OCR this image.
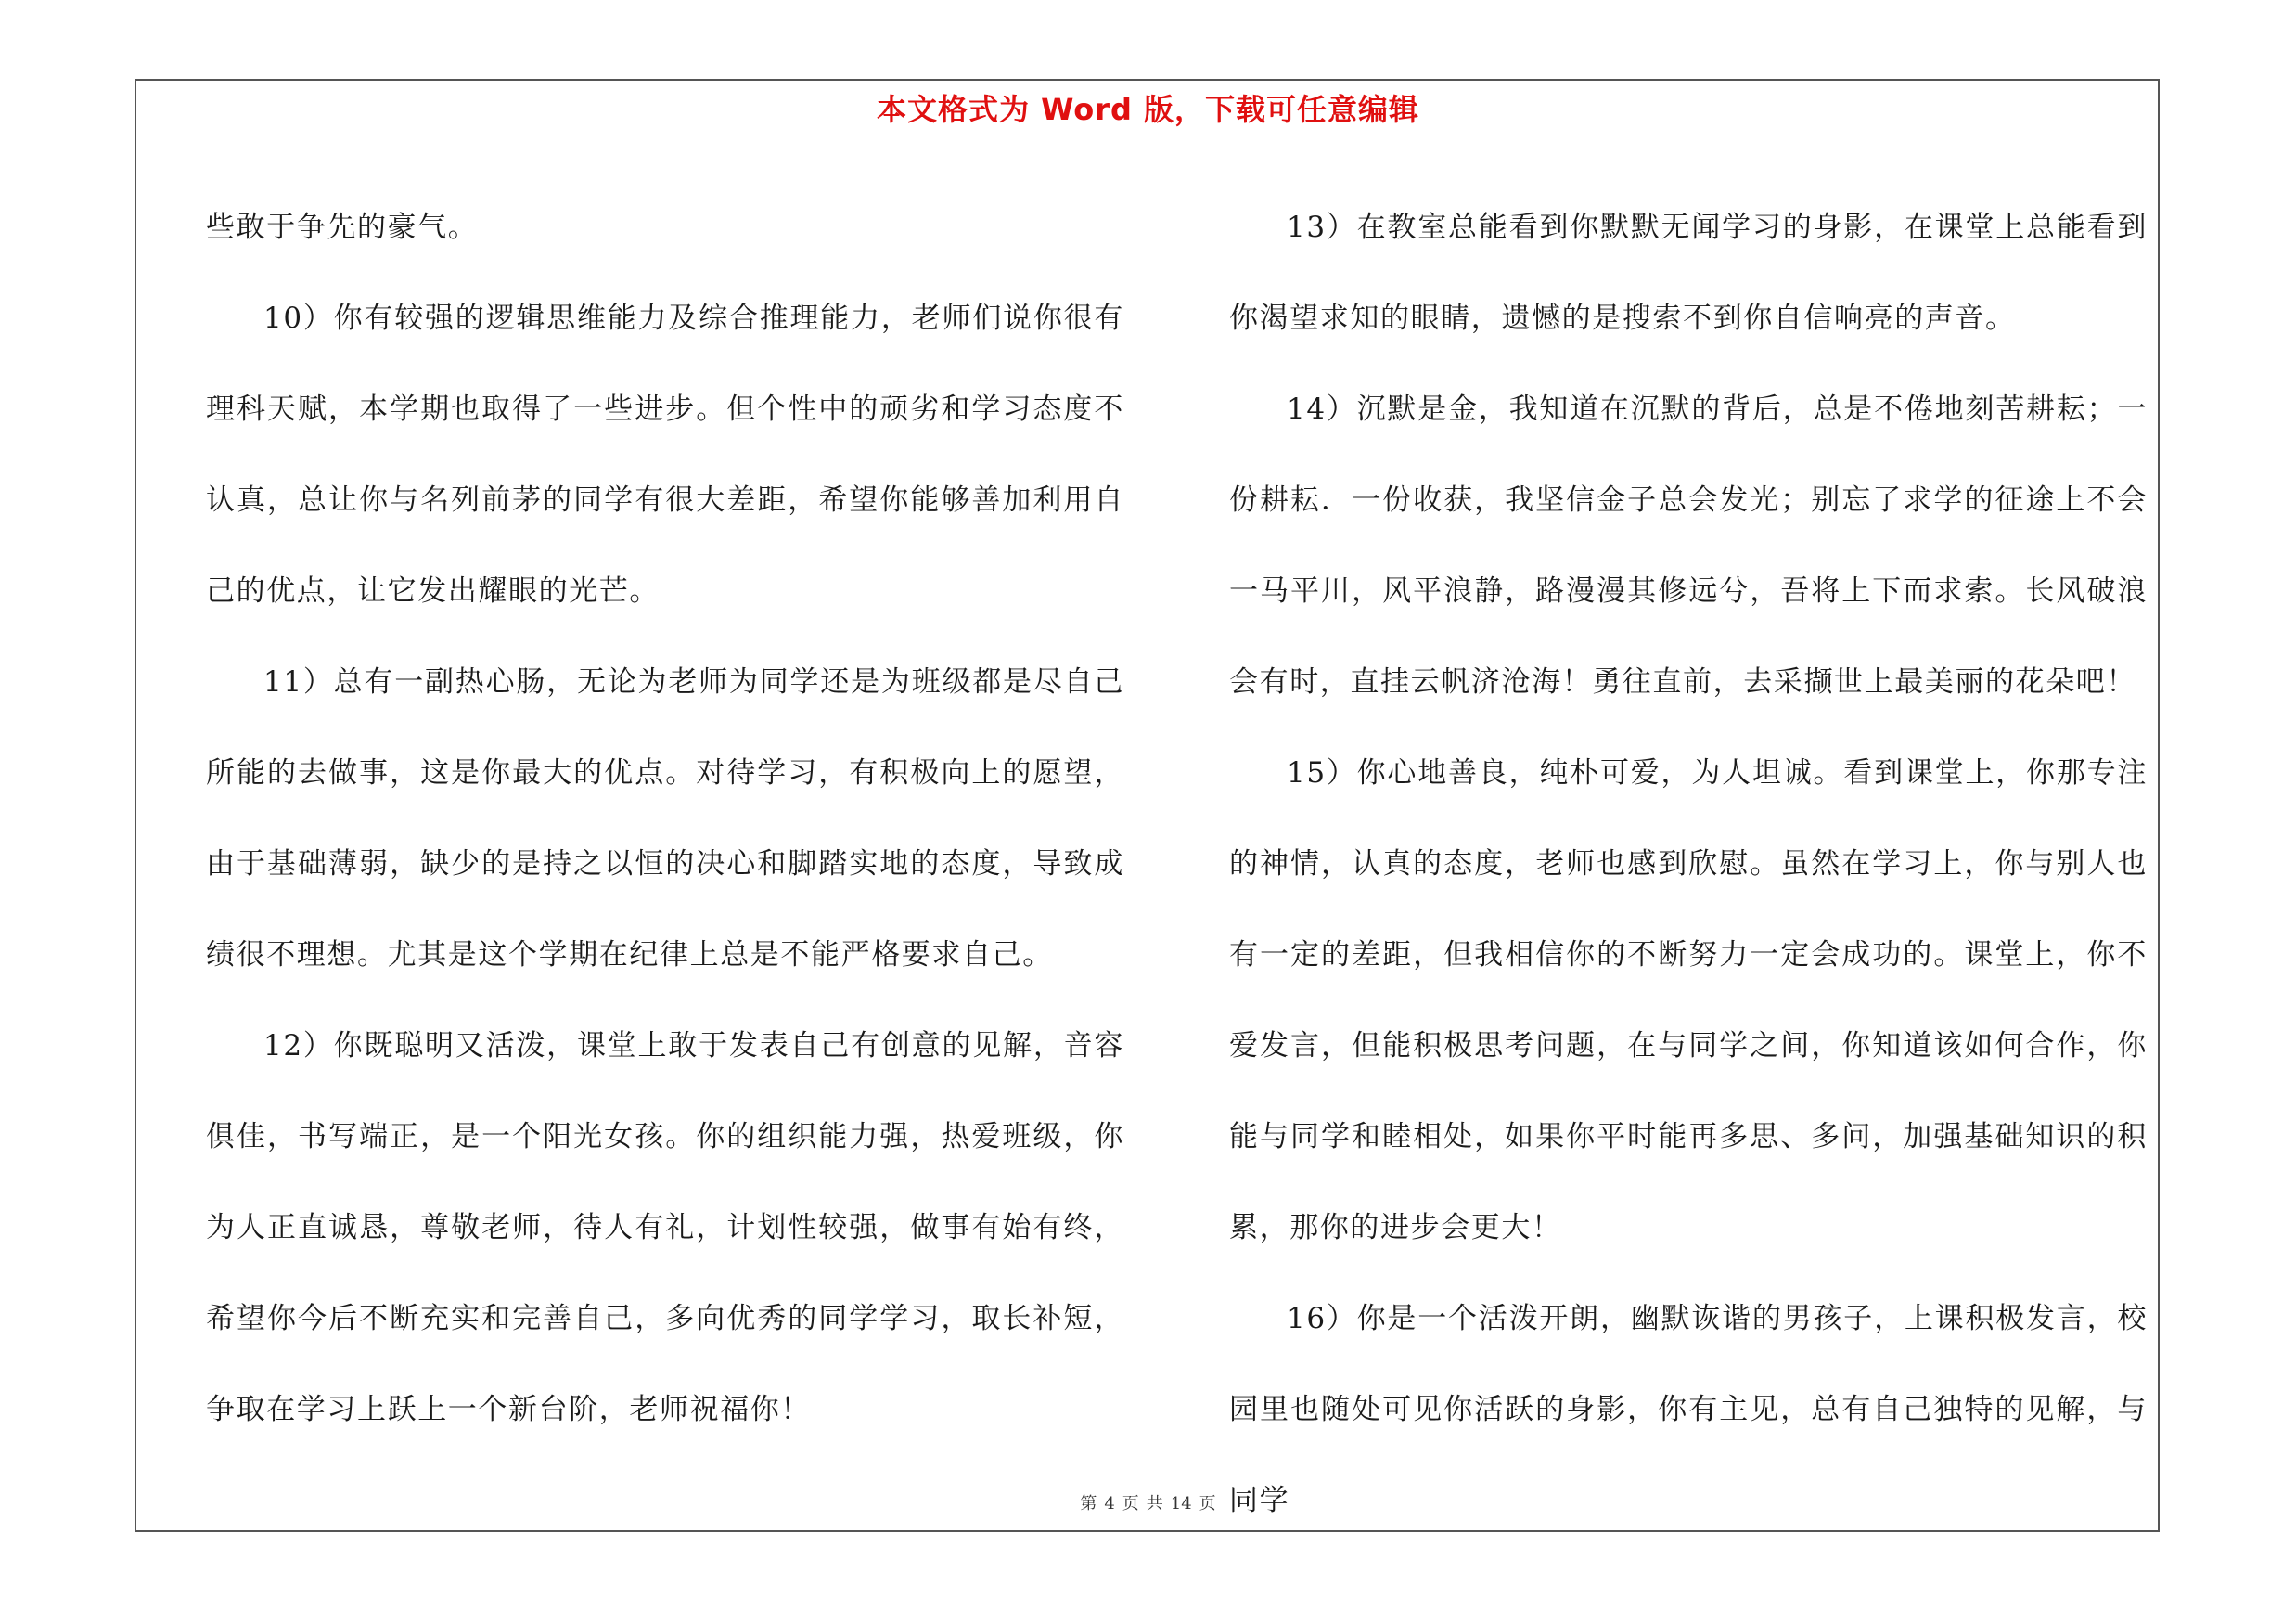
本文格式为 Word 版，下载可任意编辑

些敢于争先的豪气。

10）你有较强的逻辑思维能力及综合推理能力，老师们说你很有理科天赋，本学期也取得了一些进步。但个性中的顽劣和学习态度不认真，总让你与名列前茅的同学有很大差距，希望你能够善加利用自己的优点，让它发出耀眼的光芒。

11）总有一副热心肠，无论为老师为同学还是为班级都是尽自己所能的去做事，这是你最大的优点。对待学习，有积极向上的愿望，由于基础薄弱，缺少的是持之以恒的决心和脚踏实地的态度，导致成绩很不理想。尤其是这个学期在纪律上总是不能严格要求自己。

12）你既聪明又活泼，课堂上敢于发表自己有创意的见解，音容俱佳，书写端正，是一个阳光女孩。你的组织能力强，热爱班级，你为人正直诚恳，尊敬老师，待人有礼，计划性较强，做事有始有终，希望你今后不断充实和完善自己，多向优秀的同学学习，取长补短，争取在学习上跃上一个新台阶，老师祝福你！

13）在教室总能看到你默默无闻学习的身影，在课堂上总能看到你渴望求知的眼睛，遗憾的是搜索不到你自信响亮的声音。

14）沉默是金，我知道在沉默的背后，总是不倦地刻苦耕耘；一份耕耘．一份收获，我坚信金子总会发光；别忘了求学的征途上不会一马平川，风平浪静，路漫漫其修远兮，吾将上下而求索。长风破浪会有时，直挂云帆济沧海！勇往直前，去采撷世上最美丽的花朵吧！

15）你心地善良，纯朴可爱，为人坦诚。看到课堂上，你那专注的神情，认真的态度，老师也感到欣慰。虽然在学习上，你与别人也有一定的差距，但我相信你的不断努力一定会成功的。课堂上，你不爱发言，但能积极思考问题，在与同学之间，你知道该如何合作，你能与同学和睦相处，如果你平时能再多思、多问，加强基础知识的积累，那你的进步会更大！

16）你是一个活泼开朗，幽默诙谐的男孩子，上课积极发言，校园里也随处可见你活跃的身影，你有主见，总有自己独特的见解，与同学

第 4 页 共 14 页
